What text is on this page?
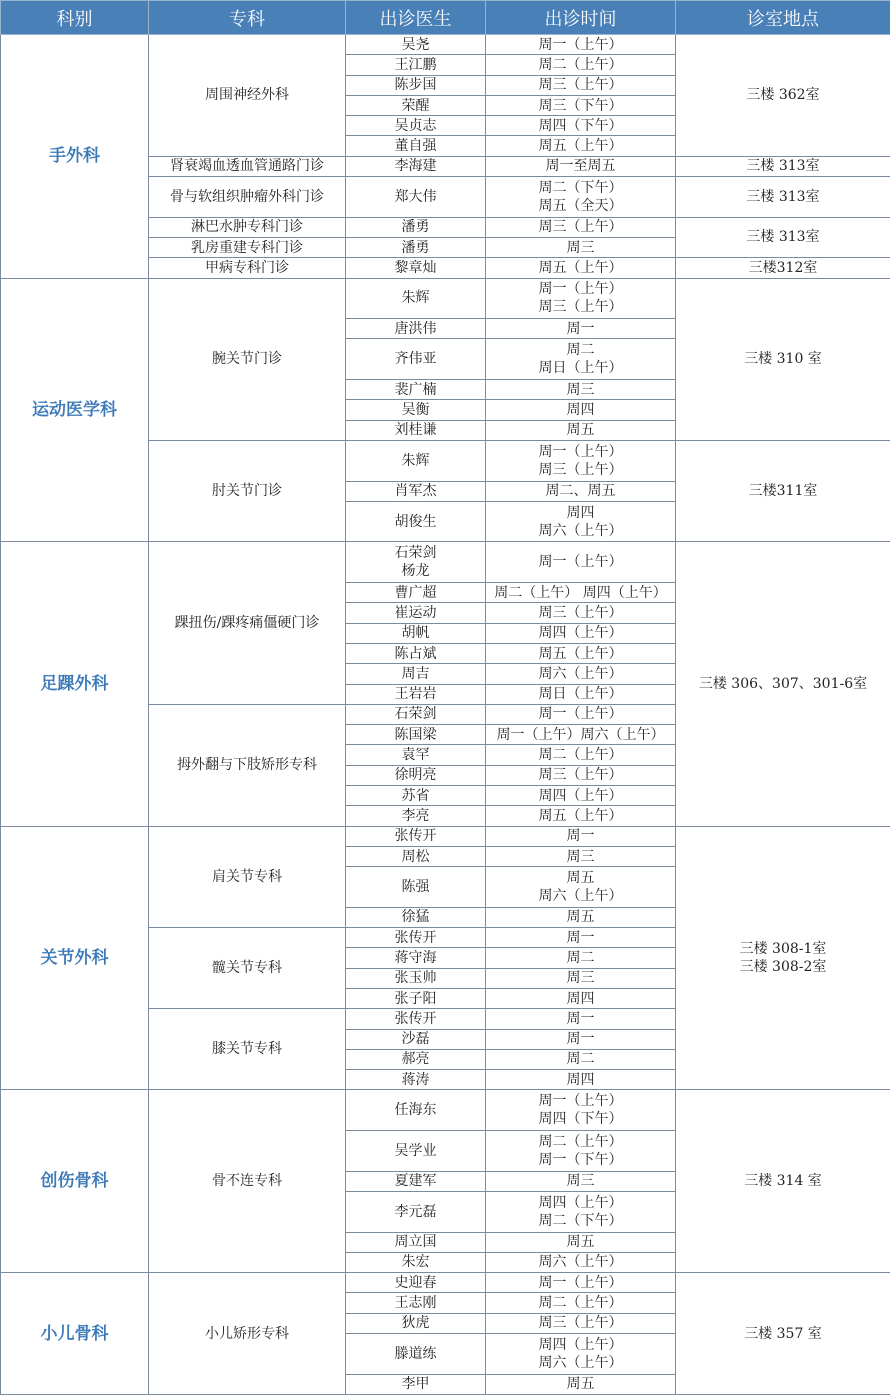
科别	专科	出诊医生	出诊时间	诊室地点
手外科	周围神经外科	吴尧	周一（上午）	三楼 362室

		王江鹏	周二（上午）	

		陈步国	周三（上午）	

		荣醒	周三（下午）	

		吴贞志	周四（下午）	

		董自强	周五（上午）	

	肾衰竭血透血管通路门诊	李海建	周一至周五	三楼 313室
	骨与软组织肿瘤外科门诊	郑大伟	周二（下午）
周五（全天）	三楼 313室
	淋巴水肿专科门诊	潘勇	周三（上午）	三楼 313室
	乳房重建专科门诊	潘勇	周三	

	甲病专科门诊	黎章灿	周五（上午）	三楼312室
运动医学科	腕关节门诊	朱辉	周一（上午）
周三（上午）	三楼 310 室

		唐洪伟	周一	

		齐伟亚	周二
周日（上午）	

		裴广楠	周三	

		吴衡	周四	

		刘桂谦	周五	

	肘关节门诊	朱辉	周一（上午）
周三（上午）	三楼311室

		肖军杰	周二、周五	

		胡俊生	周四
周六（上午）	

足踝外科	踝扭伤/踝疼痛僵硬门诊	石荣剑
杨龙	周一（上午）	三楼 306、307、301-6室

		曹广超	周二（上午） 周四（上午）	

		崔运动	周三（上午）	

		胡帆	周四（上午）	

		陈占斌	周五（上午）	

		周吉	周六（上午）	

		王岩岩	周日（上午）	

	拇外翻与下肢矫形专科	石荣剑	周一（上午）	

		陈国梁	周一（上午）周六（上午）	

		袁罕	周二（上午）	

		徐明亮	周三（上午）	

		苏省	周四（上午）	

		李亮	周五（上午）	

关节外科	肩关节专科	张传开	周一	三楼 308-1室
三楼 308-2室

		周松	周三	

		陈强	周五
周六（上午）	

		徐猛	周五	

	髋关节专科	张传开	周一	

		蒋守海	周二	

		张玉帅	周三	

		张子阳	周四	

	膝关节专科	张传开	周一	

		沙磊	周一	

		郝亮	周二	

		蒋涛	周四	

创伤骨科	骨不连专科	任海东	周一（上午）
周四（下午）	三楼 314 室

		吴学业	周二（上午）
周一（下午）	

		夏建军	周三	

		李元磊	周四（上午）
周二（下午）	

		周立国	周五	

		朱宏	周六（上午）	

小儿骨科	小儿矫形专科	史迎春	周一（上午）	三楼 357 室

		王志刚	周二（上午）	

		狄虎	周三（上午）	

		滕道练	周四（上午）
周六（上午）	

		李甲	周五	
